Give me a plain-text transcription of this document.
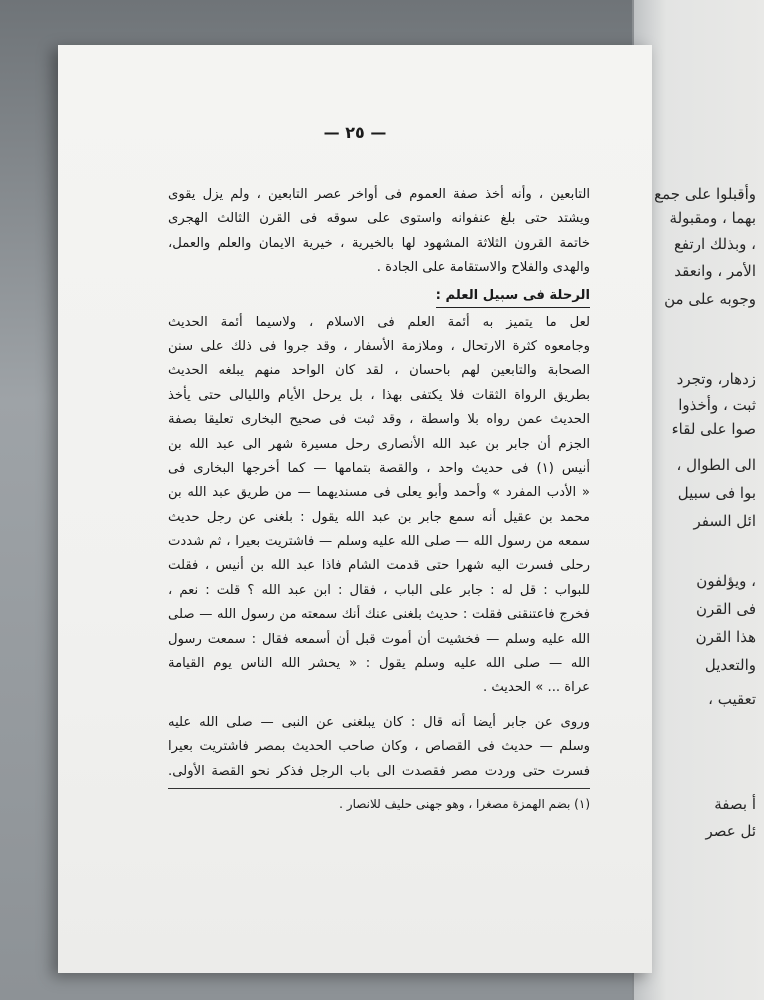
وأقبلوا على جمع
بهما ، ومقبولة
، وبذلك ارتفع
الأمر ، وانعقد
وجوبه على من
زدهار، وتجرد
ثبت ، وأخذوا
صوا على لقاء
الى الطوال ،
بوا فى سبيل
ائل السفر
، ويؤلفون
فى القرن
هذا القرن
والتعديل
تعقيب ،
أ بصفة
ئل عصر
— ٢٥ —
التابعين ، وأنه أخذ صفة العموم فى أواخر عصر التابعين ، ولم يزل يقوى
ويشتد حتى بلغ عنفوانه واستوى على سوقه فى القرن الثالث الهجرى
خاتمة القرون الثلاثة المشهود لها بالخيرية ، خيرية الايمان والعلم والعمل،
والهدى والفلاح والاستقامة على الجادة .
الرحلة فى سبيل العلم :
لعل ما يتميز به أئمة العلم فى الاسلام ، ولاسيما أئمة الحديث
وجامعوه كثرة الارتحال ، وملازمة الأسفار ، وقد جروا فى ذلك على سنن
الصحابة والتابعين لهم باحسان ، لقد كان الواحد منهم يبلغه الحديث
بطريق الرواة الثقات فلا يكتفى بهذا ، بل يرحل الأيام والليالى حتى يأخذ
الحديث عمن رواه بلا واسطة ، وقد ثبت فى صحيح البخارى تعليقا بصفة
الجزم أن جابر بن عبد الله الأنصارى رحل مسيرة شهر الى عبد الله بن
أنيس (١) فى حديث واحد ، والقصة بتمامها — كما أخرجها البخارى فى
« الأدب المفرد » وأحمد وأبو يعلى فى مسنديهما — من طريق عبد الله بن
محمد بن عقيل أنه سمع جابر بن عبد الله يقول : بلغنى عن رجل حديث
سمعه من رسول الله — صلى الله عليه وسلم — فاشتريت بعيرا ، ثم شددت
رحلى فسرت اليه شهرا حتى قدمت الشام فاذا عبد الله بن أنيس ، فقلت
للبواب : قل له : جابر على الباب ، فقال : ابن عبد الله ؟ قلت : نعم ،
فخرج فاعتنقنى فقلت : حديث بلغنى عنك أنك سمعته من رسول الله — صلى
الله عليه وسلم — فخشيت أن أموت قبل أن أسمعه فقال : سمعت رسول
الله — صلى الله عليه وسلم يقول : « يحشر الله الناس يوم القيامة
عراة ... » الحديث .
وروى عن جابر أيضا أنه قال : كان يبلغنى عن النبى — صلى الله عليه
وسلم — حديث فى القصاص ، وكان صاحب الحديث بمصر فاشتريت بعيرا
فسرت حتى وردت مصر فقصدت الى باب الرجل فذكر نحو القصة الأولى.
(١) بضم الهمزة مصغرا ، وهو جهنى حليف للانصار .
